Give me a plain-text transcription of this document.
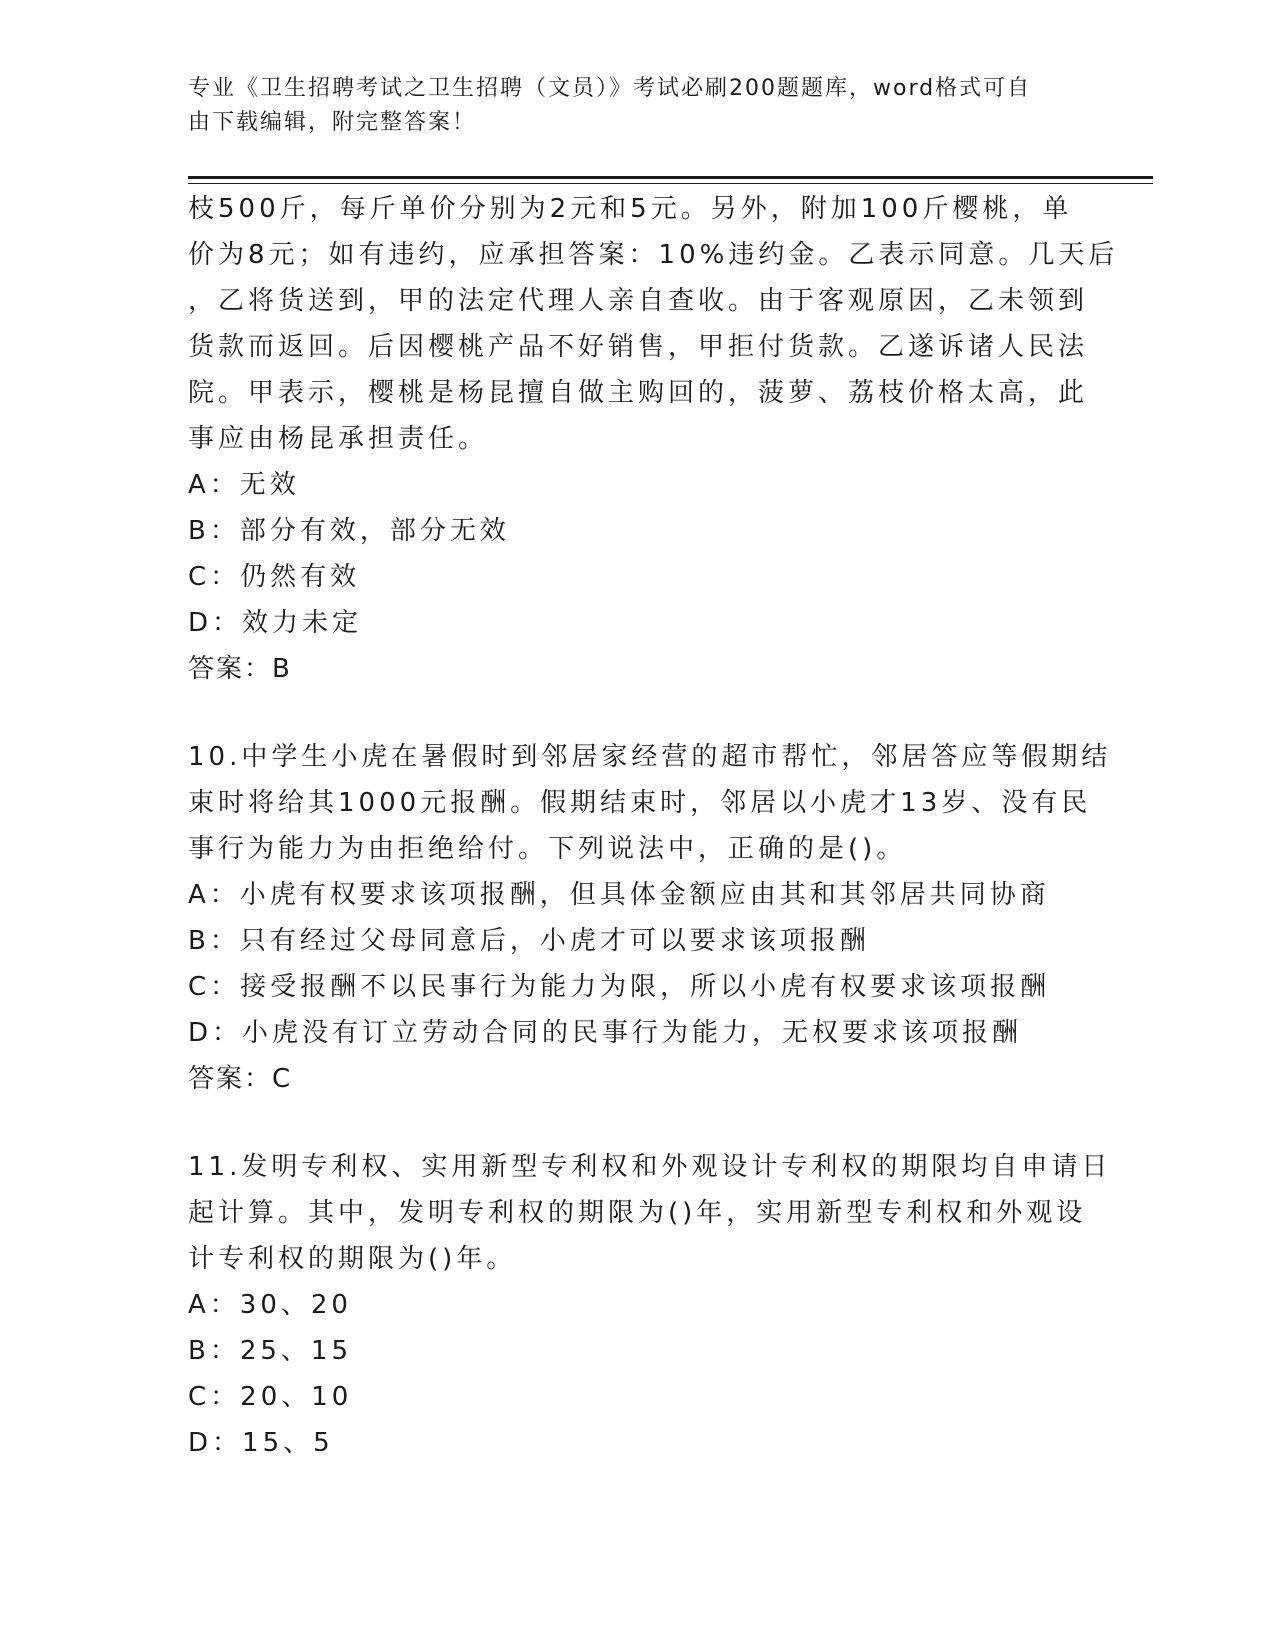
专业《卫生招聘考试之卫生招聘（文员）》考试必刷200题题库，word格式可自
由下载编辑，附完整答案！
枝500斤，每斤单价分别为2元和5元。另外，附加100斤樱桃，单
价为8元；如有违约，应承担答案：10%违约金。乙表示同意。几天后
，乙将货送到，甲的法定代理人亲自查收。由于客观原因，乙未领到
货款而返回。后因樱桃产品不好销售，甲拒付货款。乙遂诉诸人民法
院。甲表示，樱桃是杨昆擅自做主购回的，菠萝、荔枝价格太高，此
事应由杨昆承担责任。
A：无效
B：部分有效，部分无效
C：仍然有效
D：效力未定
答案：B
10.中学生小虎在暑假时到邻居家经营的超市帮忙，邻居答应等假期结
束时将给其1000元报酬。假期结束时，邻居以小虎才13岁、没有民
事行为能力为由拒绝给付。下列说法中，正确的是()。
A：小虎有权要求该项报酬，但具体金额应由其和其邻居共同协商
B：只有经过父母同意后，小虎才可以要求该项报酬
C：接受报酬不以民事行为能力为限，所以小虎有权要求该项报酬
D：小虎没有订立劳动合同的民事行为能力，无权要求该项报酬
答案：C
11.发明专利权、实用新型专利权和外观设计专利权的期限均自申请日
起计算。其中，发明专利权的期限为()年，实用新型专利权和外观设
计专利权的期限为()年。
A：30、20
B：25、15
C：20、10
D：15、5
